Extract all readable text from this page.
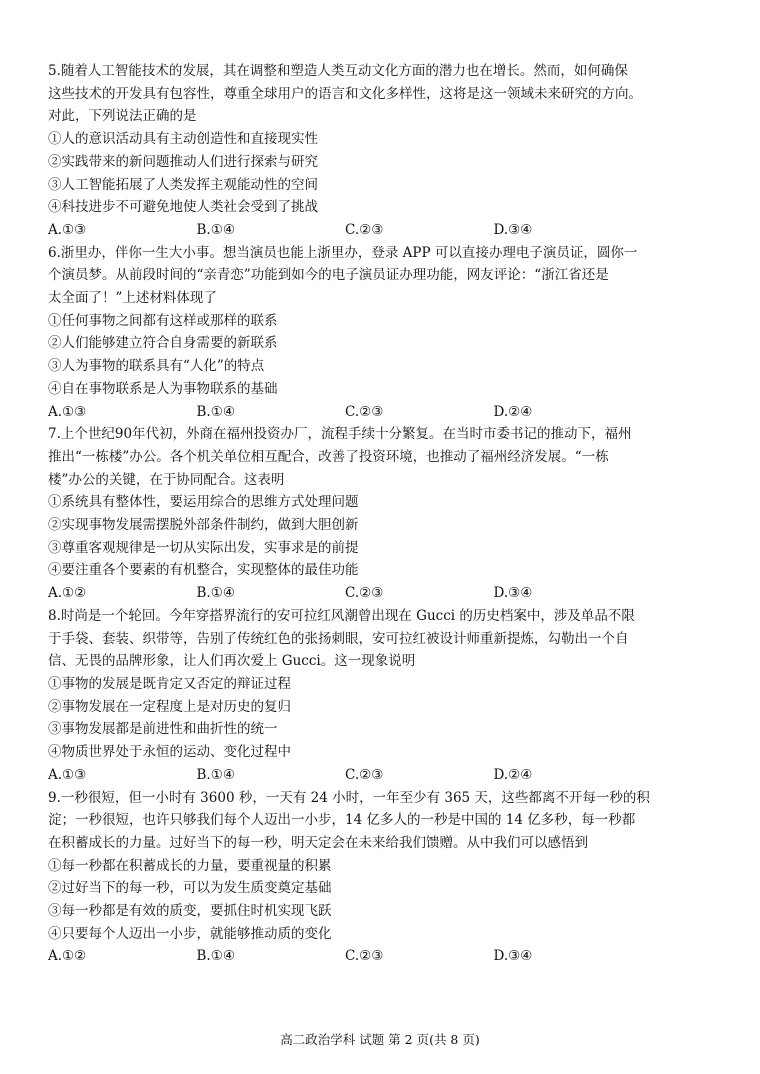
5.随着人工智能技术的发展，其在调整和塑造人类互动文化方面的潜力也在增长。然而，如何确保
这些技术的开发具有包容性，尊重全球用户的语言和文化多样性，这将是这一领域未来研究的方向。
对此，下列说法正确的是
①人的意识活动具有主动创造性和直接现实性
②实践带来的新问题推动人们进行探索与研究
③人工智能拓展了人类发挥主观能动性的空间
④科技进步不可避免地使人类社会受到了挑战
A.①③	B.①④	C.②③	D.③④
6.浙里办，伴你一生大小事。想当演员也能上浙里办，登录 APP 可以直接办理电子演员证，圆你一
个演员梦。从前段时间的“亲青恋”功能到如今的电子演员证办理功能，网友评论：“浙江省还是
太全面了！”上述材料体现了
①任何事物之间都有这样或那样的联系
②人们能够建立符合自身需要的新联系
③人为事物的联系具有“人化”的特点
④自在事物联系是人为事物联系的基础
A.①③	B.①④	C.②③	D.②④
7.上个世纪90年代初，外商在福州投资办厂，流程手续十分繁复。在当时市委书记的推动下，福州
推出“一栋楼”办公。各个机关单位相互配合，改善了投资环境，也推动了福州经济发展。“一栋
楼”办公的关键，在于协同配合。这表明
①系统具有整体性，要运用综合的思维方式处理问题
②实现事物发展需摆脱外部条件制约，做到大胆创新
③尊重客观规律是一切从实际出发，实事求是的前提
④要注重各个要素的有机整合，实现整体的最佳功能
A.①②	B.①④	C.②③	D.③④
8.时尚是一个轮回。今年穿搭界流行的安可拉红风潮曾出现在 Gucci 的历史档案中，涉及单品不限
于手袋、套装、织带等，告别了传统红色的张扬刺眼，安可拉红被设计师重新提炼，勾勒出一个自
信、无畏的品牌形象，让人们再次爱上 Gucci。这一现象说明
①事物的发展是既肯定又否定的辩证过程
②事物发展在一定程度上是对历史的复归
③事物发展都是前进性和曲折性的统一
④物质世界处于永恒的运动、变化过程中
A.①③	B.①④	C.②③	D.②④
9.一秒很短，但一小时有 3600 秒，一天有 24 小时，一年至少有 365 天，这些都离不开每一秒的积
淀；一秒很短，也许只够我们每个人迈出一小步，14 亿多人的一秒是中国的 14 亿多秒，每一秒都
在积蓄成长的力量。过好当下的每一秒，明天定会在未来给我们馈赠。从中我们可以感悟到
①每一秒都在积蓄成长的力量，要重视量的积累
②过好当下的每一秒，可以为发生质变奠定基础
③每一秒都是有效的质变，要抓住时机实现飞跃
④只要每个人迈出一小步，就能够推动质的变化
A.①②	B.①④	C.②③	D.③④
高二政治学科 试题 第 2 页(共 8 页)
